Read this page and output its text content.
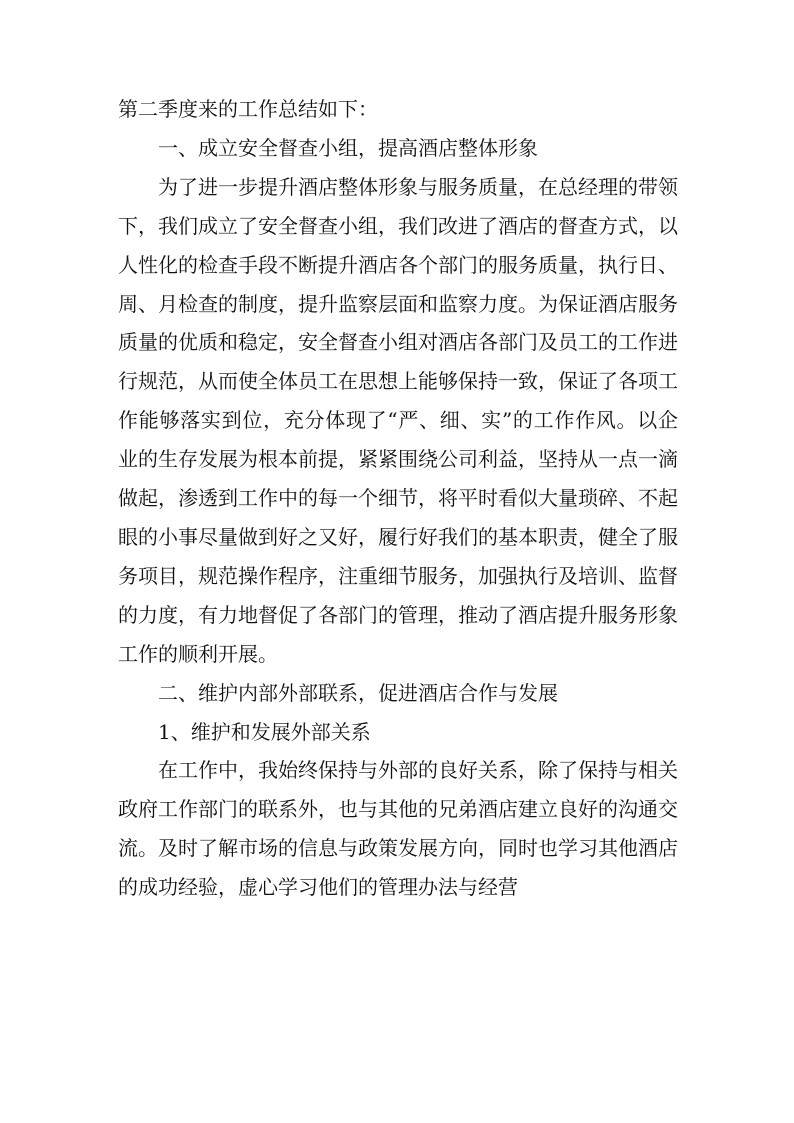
第二季度来的工作总结如下：

一、成立安全督查小组，提高酒店整体形象

为了进一步提升酒店整体形象与服务质量，在总经理的带领下，我们成立了安全督查小组，我们改进了酒店的督查方式，以人性化的检查手段不断提升酒店各个部门的服务质量，执行日、周、月检查的制度，提升监察层面和监察力度。为保证酒店服务质量的优质和稳定，安全督查小组对酒店各部门及员工的工作进行规范，从而使全体员工在思想上能够保持一致，保证了各项工作能够落实到位，充分体现了“严、细、实”的工作作风。以企业的生存发展为根本前提，紧紧围绕公司利益，坚持从一点一滴做起，渗透到工作中的每一个细节，将平时看似大量琐碎、不起眼的小事尽量做到好之又好，履行好我们的基本职责，健全了服务项目，规范操作程序，注重细节服务，加强执行及培训、监督的力度，有力地督促了各部门的管理，推动了酒店提升服务形象工作的顺利开展。

二、维护内部外部联系，促进酒店合作与发展

1、维护和发展外部关系

在工作中，我始终保持与外部的良好关系，除了保持与相关政府工作部门的联系外，也与其他的兄弟酒店建立良好的沟通交流。及时了解市场的信息与政策发展方向，同时也学习其他酒店的成功经验，虚心学习他们的管理办法与经营
